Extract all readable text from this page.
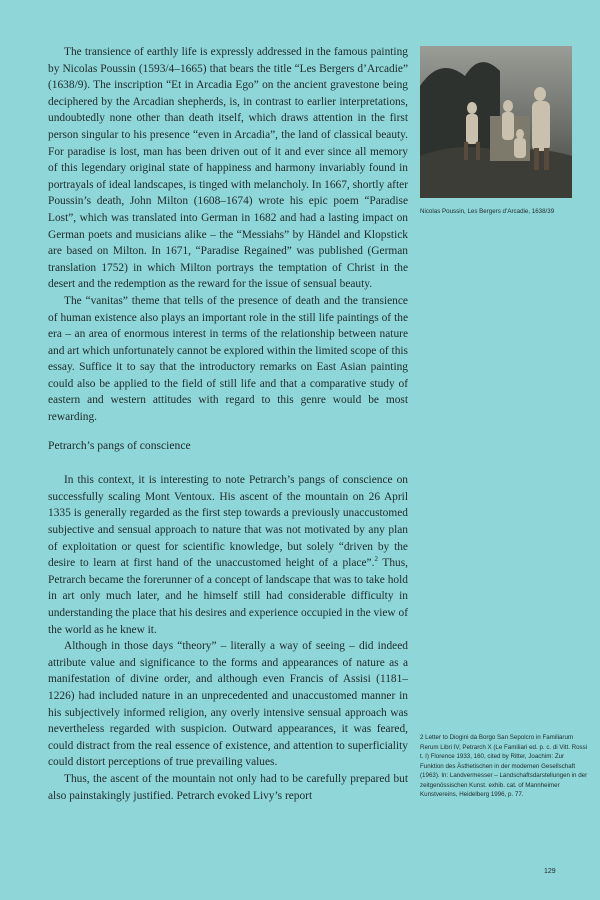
The transience of earthly life is expressly addressed in the famous painting by Nicolas Poussin (1593/4–1665) that bears the title “Les Bergers d’Arcadie” (1638/9). The inscription “Et in Arcadia Ego” on the ancient gravestone being deciphered by the Arcadian shepherds, is, in contrast to earlier interpretations, undoubtedly none other than death itself, which draws attention in the first person singular to his presence “even in Arcadia”, the land of classical beauty. For paradise is lost, man has been driven out of it and ever since all memory of this legendary original state of happiness and harmony invariably found in portrayals of ideal landscapes, is tinged with melancholy. In 1667, shortly after Poussin’s death, John Milton (1608–1674) wrote his epic poem “Paradise Lost”, which was translated into German in 1682 and had a lasting impact on German poets and musicians alike – the “Messiahs” by Händel and Klopstick are based on Milton. In 1671, “Paradise Regained” was published (German translation 1752) in which Milton portrays the temptation of Christ in the desert and the redemption as the reward for the issue of sensual beauty.

The “vanitas” theme that tells of the presence of death and the transience of human existence also plays an important role in the still life paintings of the era – an area of enormous interest in terms of the relationship between nature and art which unfortunately cannot be explored within the limited scope of this essay. Suffice it to say that the introductory remarks on East Asian painting could also be applied to the field of still life and that a comparative study of eastern and western attitudes with regard to this genre would be most rewarding.

Petrarch’s pangs of conscience

In this context, it is interesting to note Petrarch’s pangs of conscience on successfully scaling Mont Ventoux. His ascent of the mountain on 26 April 1335 is generally regarded as the first step towards a previously unaccustomed subjective and sensual approach to nature that was not motivated by any plan of exploitation or quest for scientific knowledge, but solely “driven by the desire to learn at first hand of the unaccustomed height of a place”.$^2$ Thus, Petrarch became the forerunner of a concept of landscape that was to take hold in art only much later, and he himself still had considerable difficulty in understanding the place that his desires and experience occupied in the view of the world as he knew it.

Although in those days “theory” – literally a way of seeing – did indeed attribute value and significance to the forms and appearances of nature as a manifestation of divine order, and although even Francis of Assisi (1181–1226) had included nature in an unprecedented and unaccustomed manner in his subjectively informed religion, any overly intensive sensual approach was nevertheless regarded with suspicion. Outward appearances, it was feared, could distract from the real essence of existence, and attention to superficiality could distort perceptions of true prevailing values.

Thus, the ascent of the mountain not only had to be carefully prepared but also painstakingly justified. Petrarch evoked Livy’s report

Nicolas Poussin, Les Bergers d’Arcadie, 1638/39
2 Letter to Diogini da Borgo San Sepolcro in Familiarum Rerum Libri IV, Petrarch X (Le Familiari ed. p. c. di Vitt. Rossi t. I) Florence 1933, 160, cited by Ritter, Joachim: Zur Funktion des Ästhetischen in der modernen Gesellschaft (1963). In: Landvermesser – Landschaftsdarstellungen in der zeitgenössischen Kunst. exhib. cat. of Mannheimer Kunstvereins, Heidelberg 1996, p. 77.
129
